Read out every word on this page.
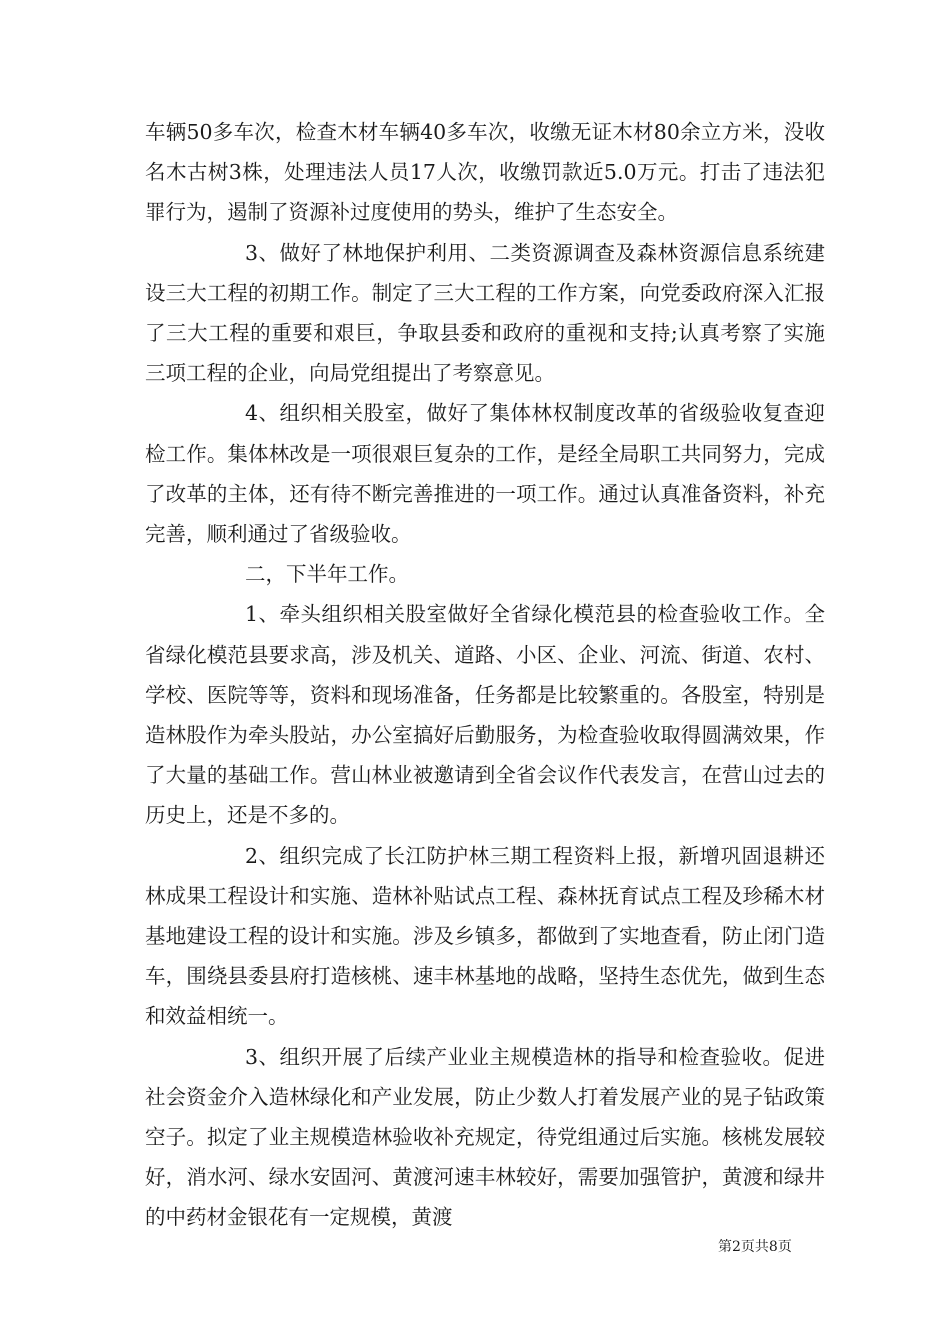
车辆50多车次，检查木材车辆40多车次，收缴无证木材80余立方米，没收名木古树3株，处理违法人员17人次，收缴罚款近5.0万元。打击了违法犯罪行为，遏制了资源补过度使用的势头，维护了生态安全。

3、做好了林地保护利用、二类资源调查及森林资源信息系统建设三大工程的初期工作。制定了三大工程的工作方案，向党委政府深入汇报了三大工程的重要和艰巨，争取县委和政府的重视和支持;认真考察了实施三项工程的企业，向局党组提出了考察意见。

4、组织相关股室，做好了集体林权制度改革的省级验收复查迎检工作。集体林改是一项很艰巨复杂的工作，是经全局职工共同努力，完成了改革的主体，还有待不断完善推进的一项工作。通过认真准备资料，补充完善，顺利通过了省级验收。

二，下半年工作。

1、牵头组织相关股室做好全省绿化模范县的检查验收工作。全省绿化模范县要求高，涉及机关、道路、小区、企业、河流、街道、农村、学校、医院等等，资料和现场准备，任务都是比较繁重的。各股室，特别是造林股作为牵头股站，办公室搞好后勤服务，为检查验收取得圆满效果，作了大量的基础工作。营山林业被邀请到全省会议作代表发言，在营山过去的历史上，还是不多的。

2、组织完成了长江防护林三期工程资料上报，新增巩固退耕还林成果工程设计和实施、造林补贴试点工程、森林抚育试点工程及珍稀木材基地建设工程的设计和实施。涉及乡镇多，都做到了实地查看，防止闭门造车，围绕县委县府打造核桃、速丰林基地的战略，坚持生态优先，做到生态和效益相统一。

3、组织开展了后续产业业主规模造林的指导和检查验收。促进社会资金介入造林绿化和产业发展，防止少数人打着发展产业的晃子钻政策空子。拟定了业主规模造林验收补充规定，待党组通过后实施。核桃发展较好，消水河、绿水安固河、黄渡河速丰林较好，需要加强管护，黄渡和绿井的中药材金银花有一定规模，黄渡

第2页共8页
